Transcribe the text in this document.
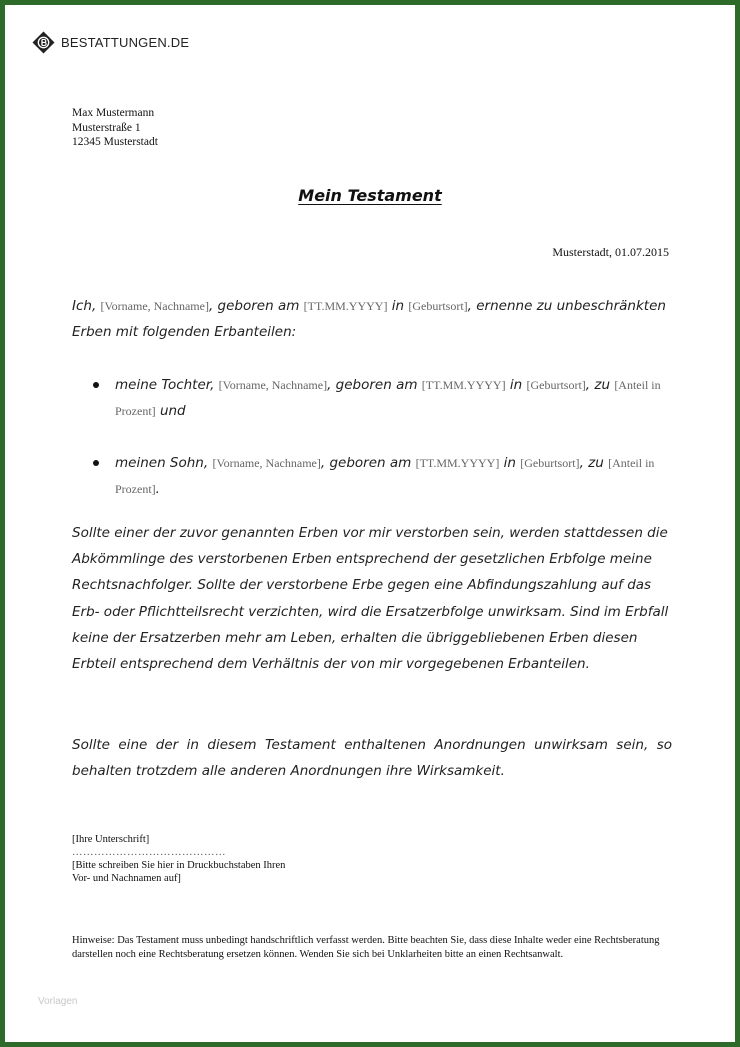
BESTATTUNGEN.DE
Max Mustermann
Musterstraße 1
12345 Musterstadt
Mein Testament
Musterstadt, 01.07.2015
Ich, [Vorname, Nachname], geboren am [TT.MM.YYYY] in [Geburtsort], ernenne zu unbeschränkten Erben mit folgenden Erbanteilen:
meine Tochter, [Vorname, Nachname], geboren am [TT.MM.YYYY] in [Geburtsort], zu [Anteil in Prozent] und
meinen Sohn, [Vorname, Nachname], geboren am [TT.MM.YYYY] in [Geburtsort], zu [Anteil in Prozent].
Sollte einer der zuvor genannten Erben vor mir verstorben sein, werden stattdessen die Abkömmlinge des verstorbenen Erben entsprechend der gesetzlichen Erbfolge meine Rechtsnachfolger. Sollte der verstorbene Erbe gegen eine Abfindungszahlung auf das Erb- oder Pflichtteilsrecht verzichten, wird die Ersatzerbfolge unwirksam. Sind im Erbfall keine der Ersatzerben mehr am Leben, erhalten die übriggebliebenen Erben diesen Erbteil entsprechend dem Verhältnis der von mir vorgegebenen Erbanteilen.
Sollte eine der in diesem Testament enthaltenen Anordnungen unwirksam sein, so behalten trotzdem alle anderen Anordnungen ihre Wirksamkeit.
[Ihre Unterschrift]
……………………………………
[Bitte schreiben Sie hier in Druckbuchstaben Ihren
Vor- und Nachnamen auf]
Hinweise: Das Testament muss unbedingt handschriftlich verfasst werden. Bitte beachten Sie, dass diese Inhalte weder eine Rechtsberatung darstellen noch eine Rechtsberatung ersetzen können. Wenden Sie sich bei Unklarheiten bitte an einen Rechtsanwalt.
Vorlagen
